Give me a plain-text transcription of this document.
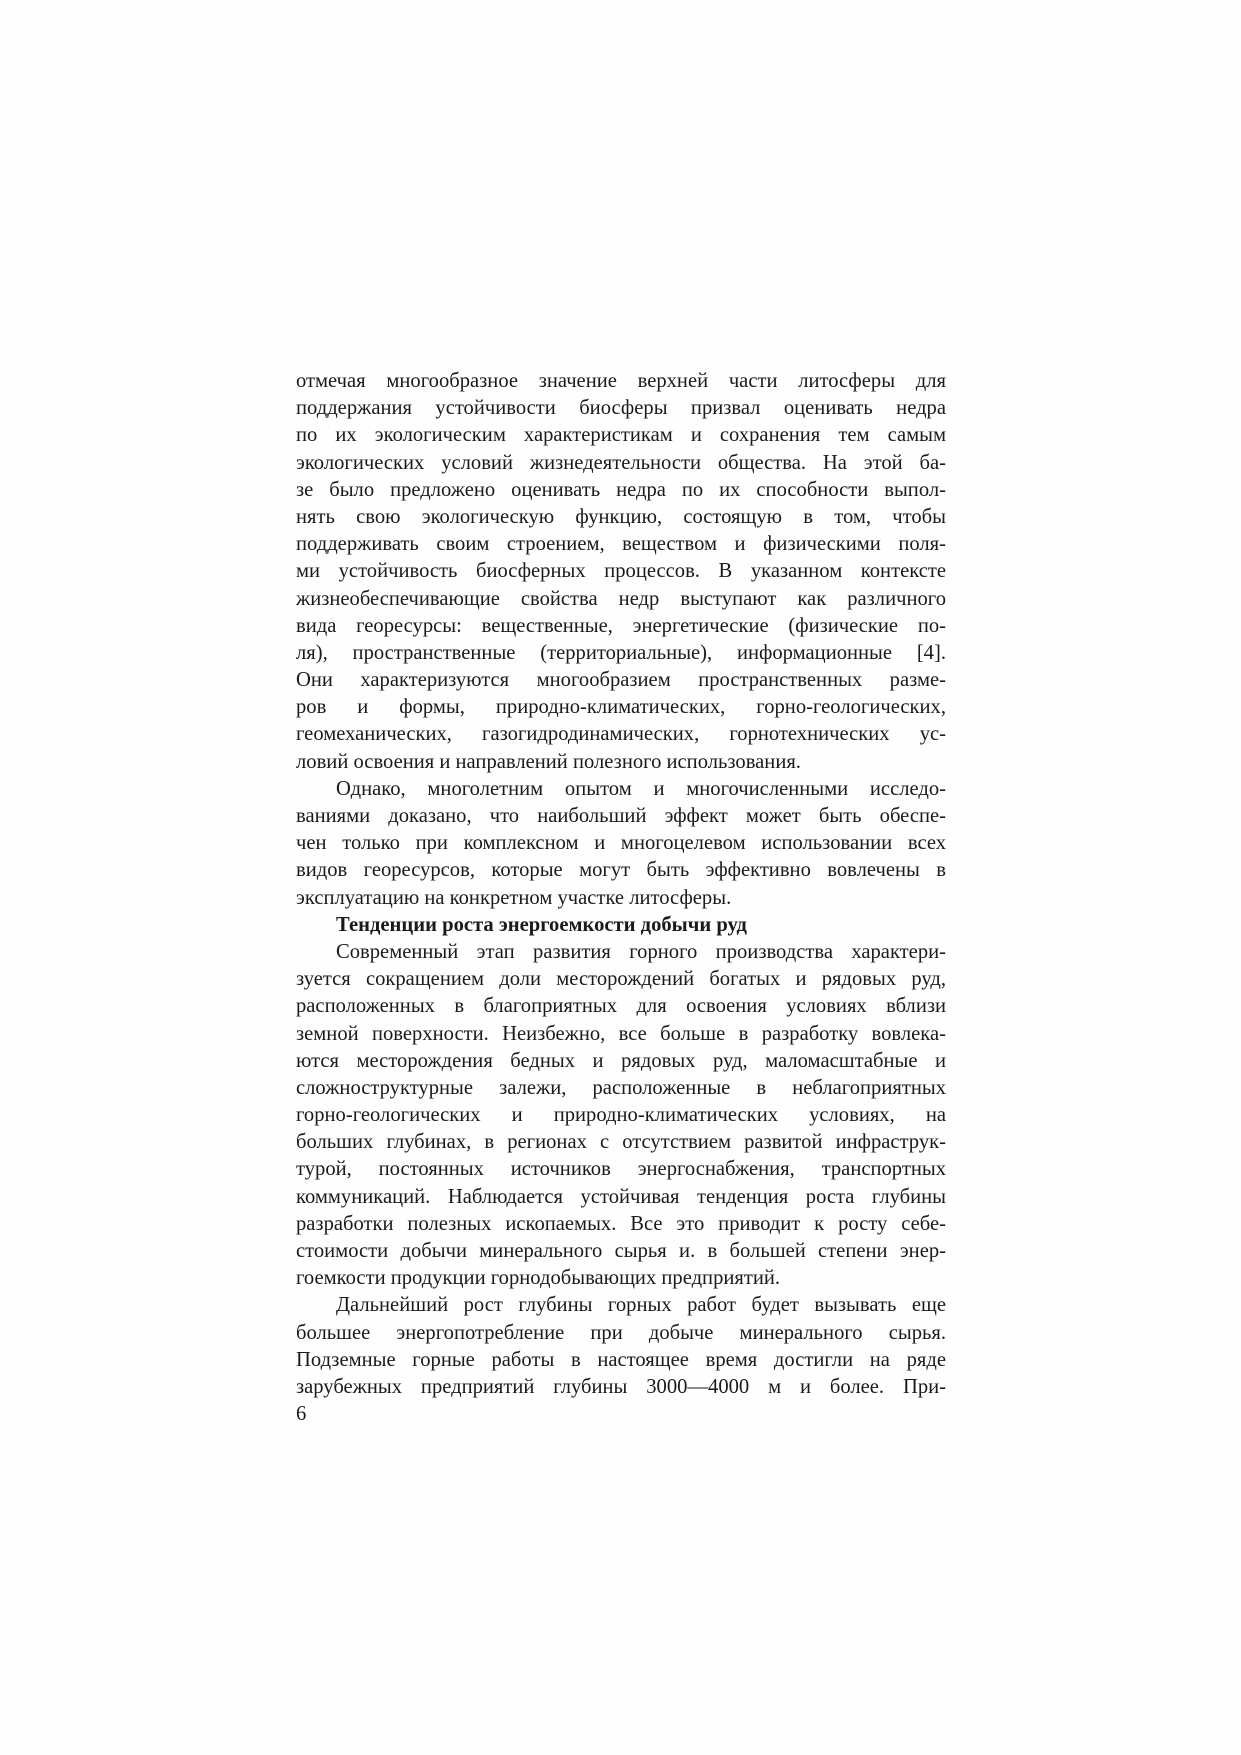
отмечая многообразное значение верхней части литосферы для
поддержания устойчивости биосферы призвал оценивать недра
по их экологическим характеристикам и сохранения тем самым
экологических условий жизнедеятельности общества. На этой ба-
зе было предложено оценивать недра по их способности выпол-
нять свою экологическую функцию, состоящую в том, чтобы
поддерживать своим строением, веществом и физическими поля-
ми устойчивость биосферных процессов. В указанном контексте
жизнеобеспечивающие свойства недр выступают как различного
вида георесурсы: вещественные, энергетические (физические по-
ля), пространственные (территориальные), информационные [4].
Они характеризуются многообразием пространственных разме-
ров и формы, природно-климатических, горно-геологических,
геомеханических, газогидродинамических, горнотехнических ус-
ловий освоения и направлений полезного использования.
Однако, многолетним опытом и многочисленными исследо-
ваниями доказано, что наибольший эффект может быть обеспе-
чен только при комплексном и многоцелевом использовании всех
видов георесурсов, которые могут быть эффективно вовлечены в
эксплуатацию на конкретном участке литосферы.
Тенденции роста энергоемкости добычи руд
Современный этап развития горного производства характери-
зуется сокращением доли месторождений богатых и рядовых руд,
расположенных в благоприятных для освоения условиях вблизи
земной поверхности. Неизбежно, все больше в разработку вовлека-
ются месторождения бедных и рядовых руд, маломасштабные и
сложноструктурные залежи, расположенные в неблагоприятных
горно-геологических и природно-климатических условиях, на
больших глубинах, в регионах с отсутствием развитой инфраструк-
турой, постоянных источников энергоснабжения, транспортных
коммуникаций. Наблюдается устойчивая тенденция роста глубины
разработки полезных ископаемых. Все это приводит к росту себе-
стоимости добычи минерального сырья и. в большей степени энер-
гоемкости продукции горнодобывающих предприятий.
Дальнейший рост глубины горных работ будет вызывать еще
большее энергопотребление при добыче минерального сырья.
Подземные горные работы в настоящее время достигли на ряде
зарубежных предприятий глубины 3000—4000 м и более. При-
6
